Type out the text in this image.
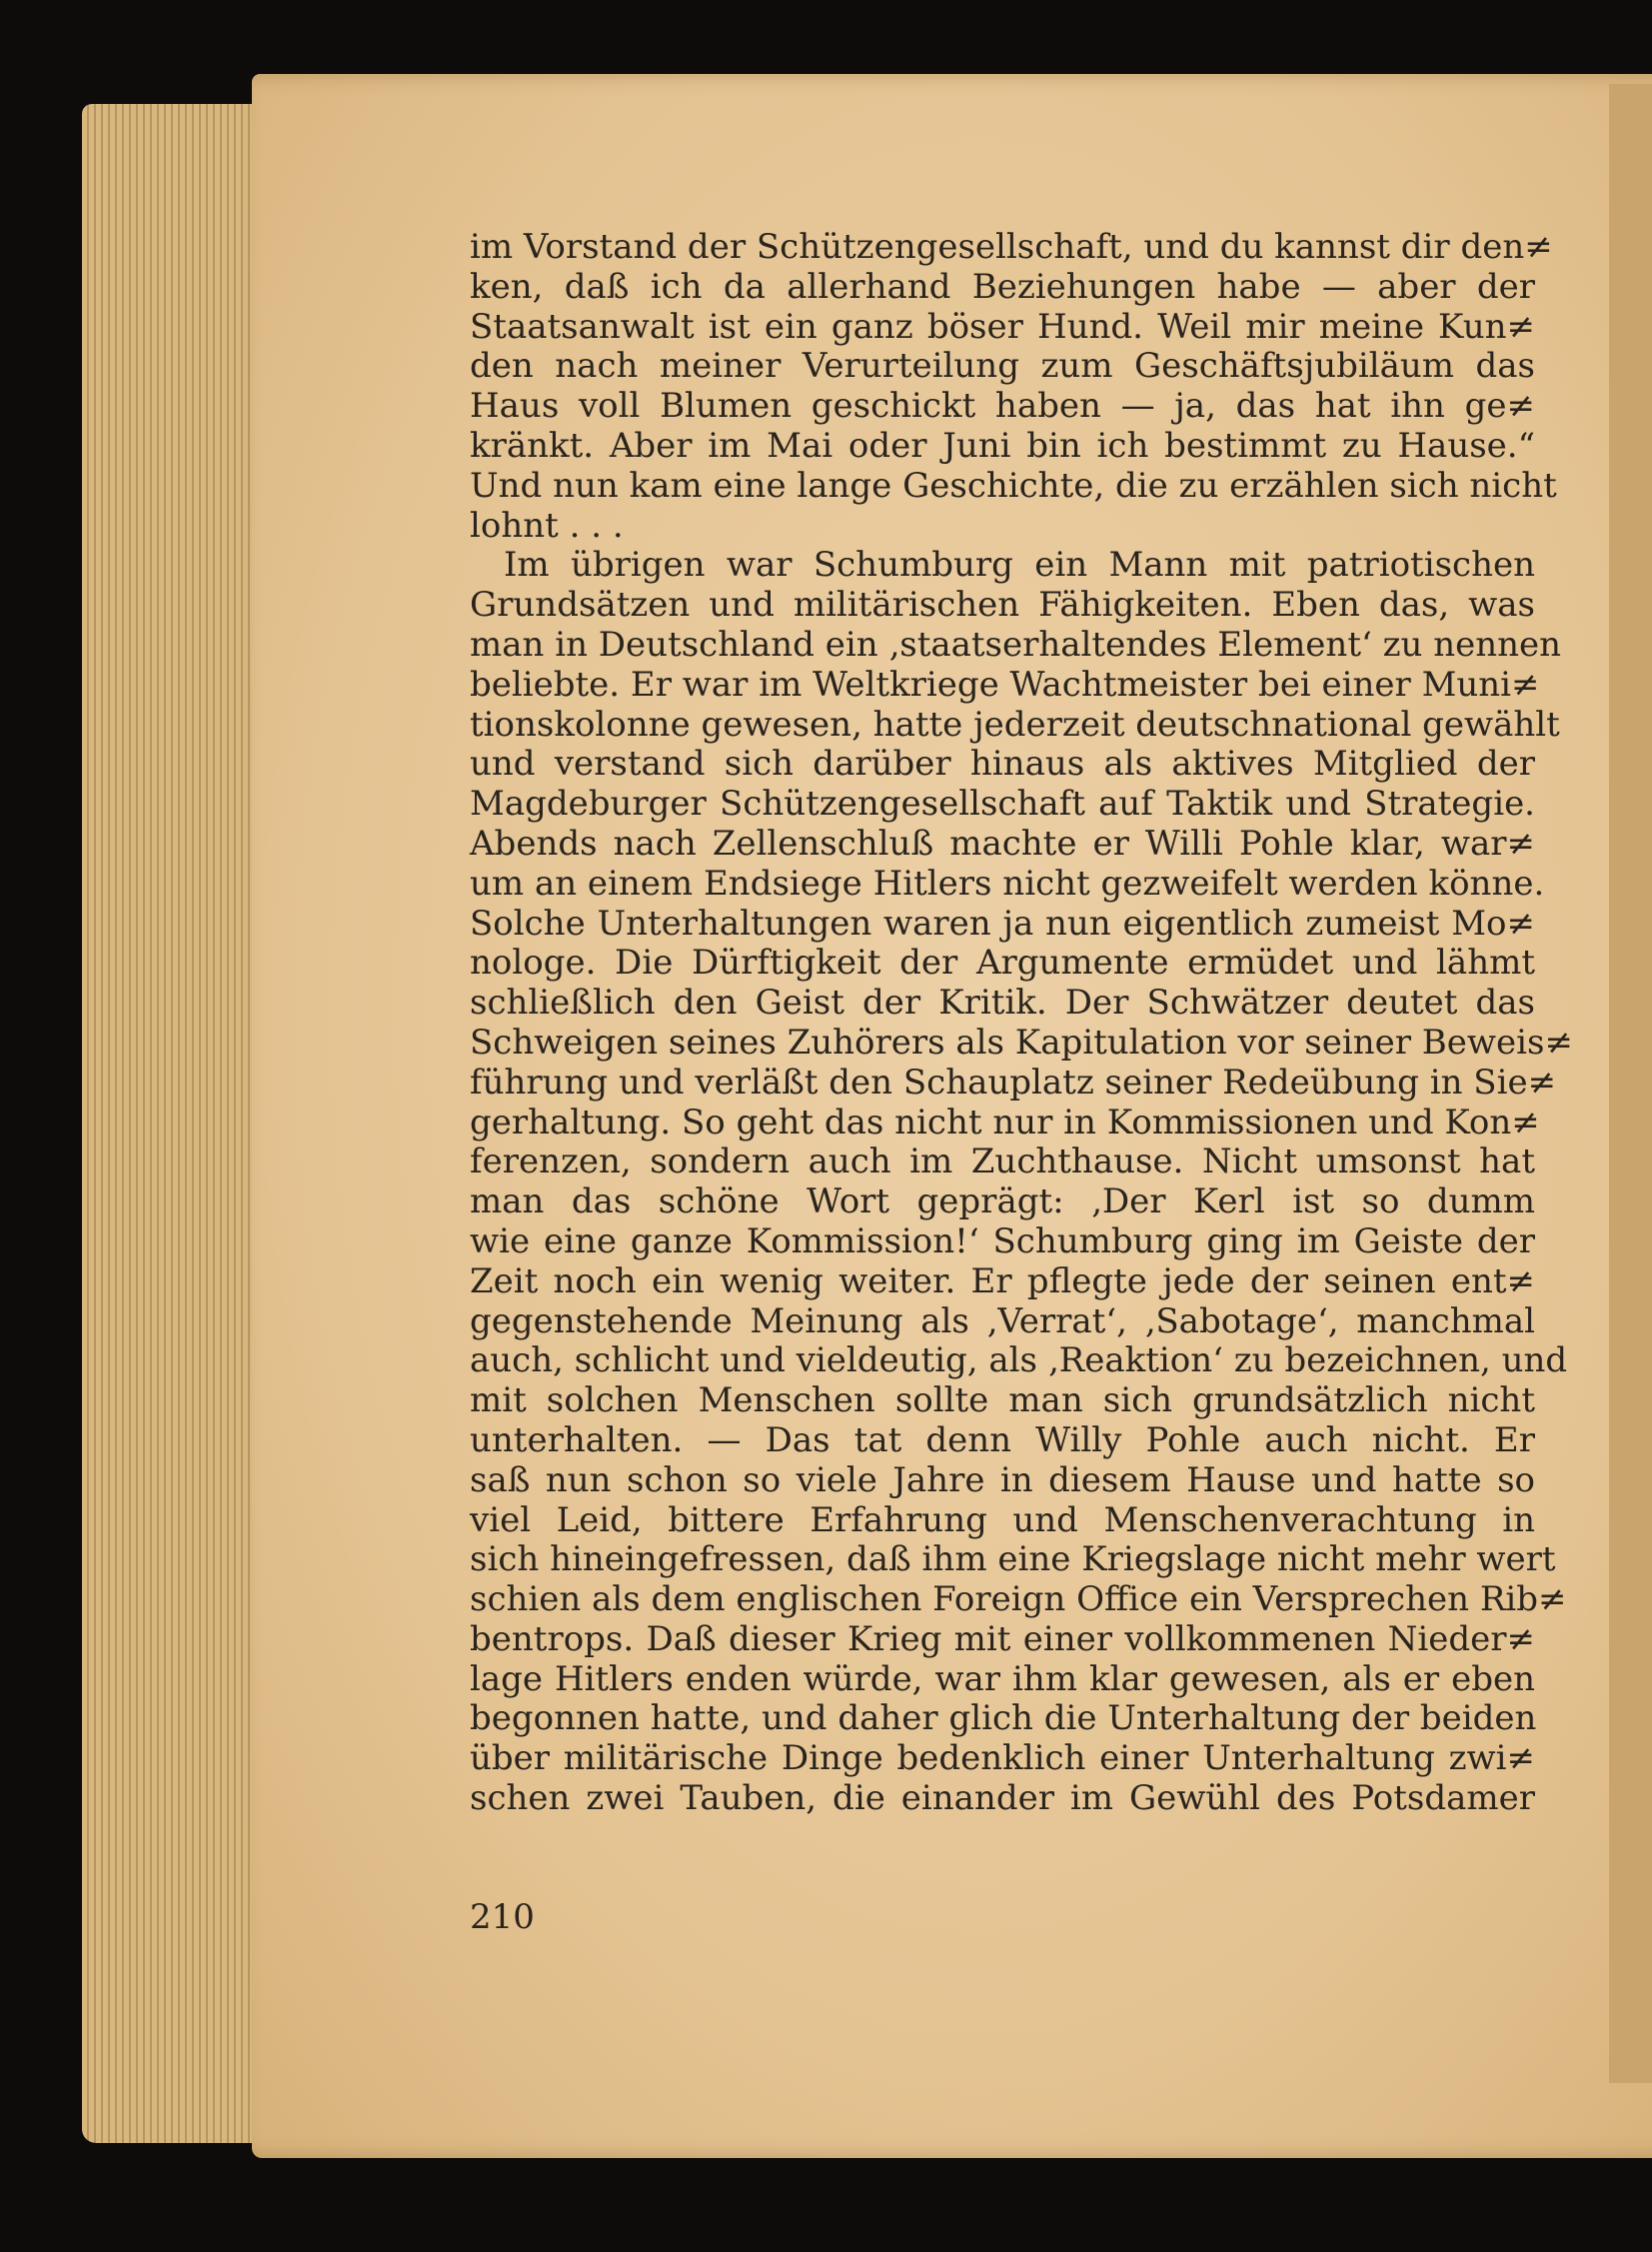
im Vorstand der Schützengesellschaft, und du kannst dir den≠
ken, daß ich da allerhand Beziehungen habe — aber der
Staatsanwalt ist ein ganz böser Hund. Weil mir meine Kun≠
den nach meiner Verurteilung zum Geschäftsjubiläum das
Haus voll Blumen geschickt haben — ja, das hat ihn ge≠
kränkt. Aber im Mai oder Juni bin ich bestimmt zu Hause.“
Und nun kam eine lange Geschichte, die zu erzählen sich nicht
lohnt . . .
Im übrigen war Schumburg ein Mann mit patriotischen
Grundsätzen und militärischen Fähigkeiten. Eben das, was
man in Deutschland ein ‚staatserhaltendes Element‘ zu nennen
beliebte. Er war im Weltkriege Wachtmeister bei einer Muni≠
tionskolonne gewesen, hatte jederzeit deutschnational gewählt
und verstand sich darüber hinaus als aktives Mitglied der
Magdeburger Schützengesellschaft auf Taktik und Strategie.
Abends nach Zellenschluß machte er Willi Pohle klar, war≠
um an einem Endsiege Hitlers nicht gezweifelt werden könne.
Solche Unterhaltungen waren ja nun eigentlich zumeist Mo≠
nologe. Die Dürftigkeit der Argumente ermüdet und lähmt
schließlich den Geist der Kritik. Der Schwätzer deutet das
Schweigen seines Zuhörers als Kapitulation vor seiner Beweis≠
führung und verläßt den Schauplatz seiner Redeübung in Sie≠
gerhaltung. So geht das nicht nur in Kommissionen und Kon≠
ferenzen, sondern auch im Zuchthause. Nicht umsonst hat
man das schöne Wort geprägt: ‚Der Kerl ist so dumm
wie eine ganze Kommission!‘ Schumburg ging im Geiste der
Zeit noch ein wenig weiter. Er pflegte jede der seinen ent≠
gegenstehende Meinung als ‚Verrat‘, ‚Sabotage‘, manchmal
auch, schlicht und vieldeutig, als ‚Reaktion‘ zu bezeichnen, und
mit solchen Menschen sollte man sich grundsätzlich nicht
unterhalten. — Das tat denn Willy Pohle auch nicht. Er
saß nun schon so viele Jahre in diesem Hause und hatte so
viel Leid, bittere Erfahrung und Menschenverachtung in
sich hineingefressen, daß ihm eine Kriegslage nicht mehr wert
schien als dem englischen Foreign Office ein Versprechen Rib≠
bentrops. Daß dieser Krieg mit einer vollkommenen Nieder≠
lage Hitlers enden würde, war ihm klar gewesen, als er eben
begonnen hatte, und daher glich die Unterhaltung der beiden
über militärische Dinge bedenklich einer Unterhaltung zwi≠
schen zwei Tauben, die einander im Gewühl des Potsdamer
210
